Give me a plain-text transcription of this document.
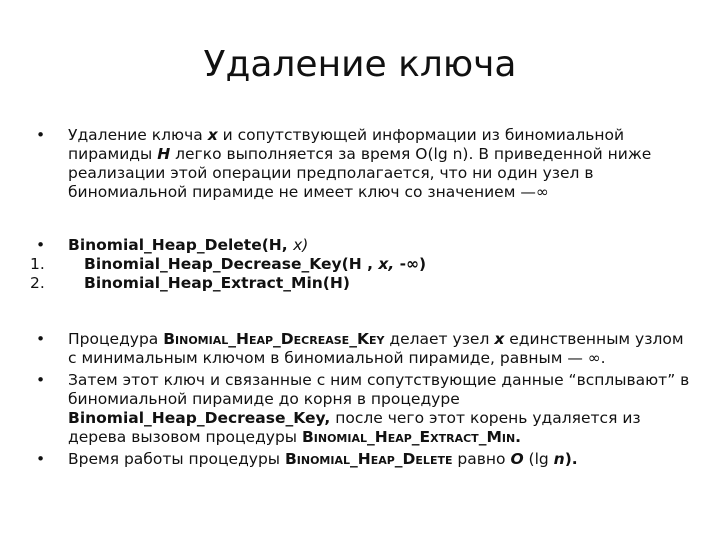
Удаление ключа
•	Удаление ключа x и сопутствующей информации из биномиальной пирамиды H легко выполняется за время O(lg n). В приведенной ниже реализации этой операции предполагается, что ни один узел в биномиальной пирамиде не имеет ключ со значением —∞
•	Binomial_Heap_Delete(H, x)
1.	Binomial_Heap_Decrease_Key(H , x, -∞)
2.	Binomial_Heap_Extract_Min(H)
•	Процедура Binomial_Heap_Decrease_Key делает узел x единственным узлом с минимальным ключом в биномиальной пирамиде, равным — ∞.
•	Затем этот ключ и связанные с ним сопутствующие данные “всплывают” в биномиальной пирамиде до корня в процедуре Binomial_Heap_Decrease_Key, после чего этот корень удаляется из дерева вызовом процедуры Binomial_Heap_Extract_Min.
•	Время работы процедуры Binomial_Heap_Delete равно O (lg n).
